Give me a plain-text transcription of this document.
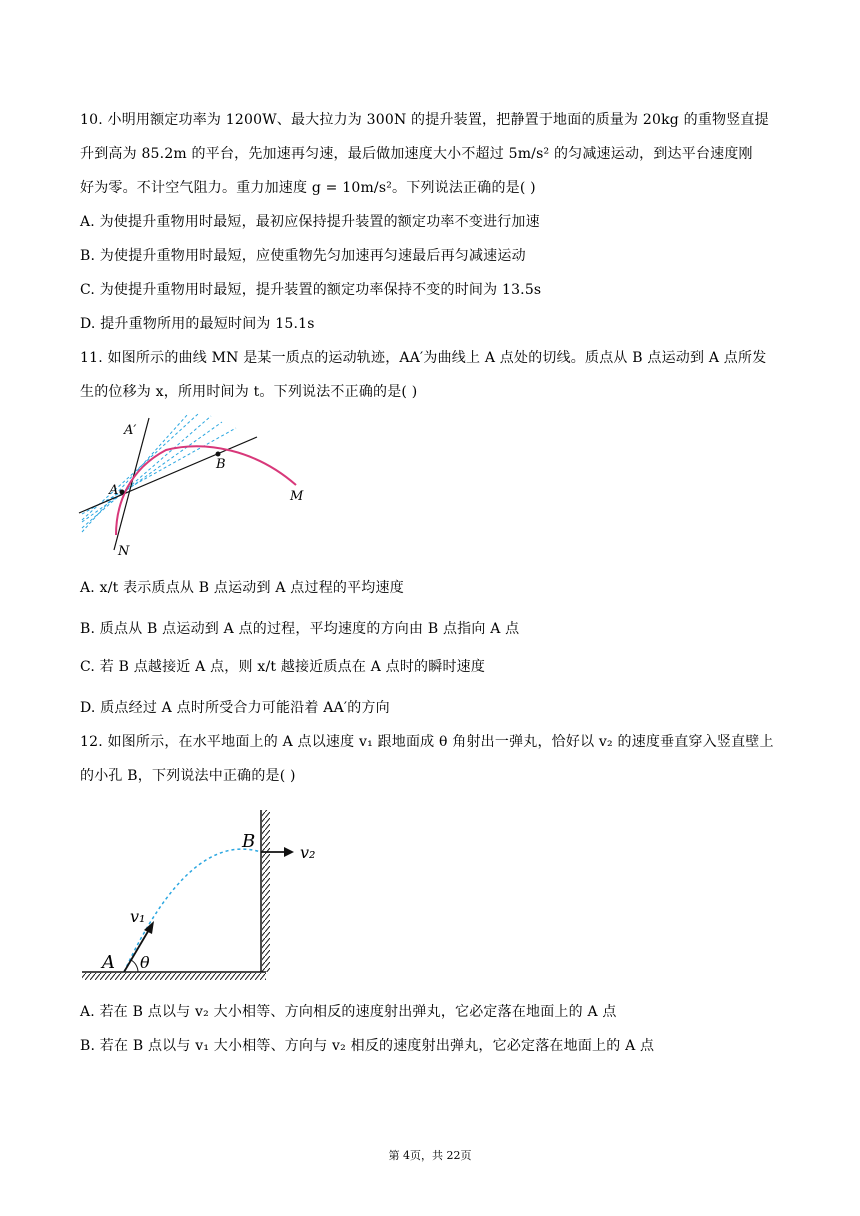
10. 小明用额定功率为 1200W、最大拉力为 300N 的提升装置，把静置于地面的质量为 20kg 的重物竖直提
升到高为 85.2m 的平台，先加速再匀速，最后做加速度大小不超过 5m/s² 的匀减速运动，到达平台速度刚
好为零。不计空气阻力。重力加速度 g = 10m/s²。下列说法正确的是( )
A. 为使提升重物用时最短，最初应保持提升装置的额定功率不变进行加速
B. 为使提升重物用时最短，应使重物先匀加速再匀速最后再匀减速运动
C. 为使提升重物用时最短，提升装置的额定功率保持不变的时间为 13.5s
D. 提升重物所用的最短时间为 15.1s
11. 如图所示的曲线 MN 是某一质点的运动轨迹，AA′为曲线上 A 点处的切线。质点从 B 点运动到 A 点所发
生的位移为 x，所用时间为 t。下列说法不正确的是( )
A′
A
B
M
N
A. x/t 表示质点从 B 点运动到 A 点过程的平均速度
B. 质点从 B 点运动到 A 点的过程，平均速度的方向由 B 点指向 A 点
C. 若 B 点越接近 A 点，则 x/t 越接近质点在 A 点时的瞬时速度
D. 质点经过 A 点时所受合力可能沿着 AA′的方向
12. 如图所示，在水平地面上的 A 点以速度 v₁ 跟地面成 θ 角射出一弹丸，恰好以 v₂ 的速度垂直穿入竖直壁上
的小孔 B，下列说法中正确的是( )
B
v₂
v₁
A θ
A. 若在 B 点以与 v₂ 大小相等、方向相反的速度射出弹丸，它必定落在地面上的 A 点
B. 若在 B 点以与 v₁ 大小相等、方向与 v₂ 相反的速度射出弹丸，它必定落在地面上的 A 点
第 4页，共 22页
